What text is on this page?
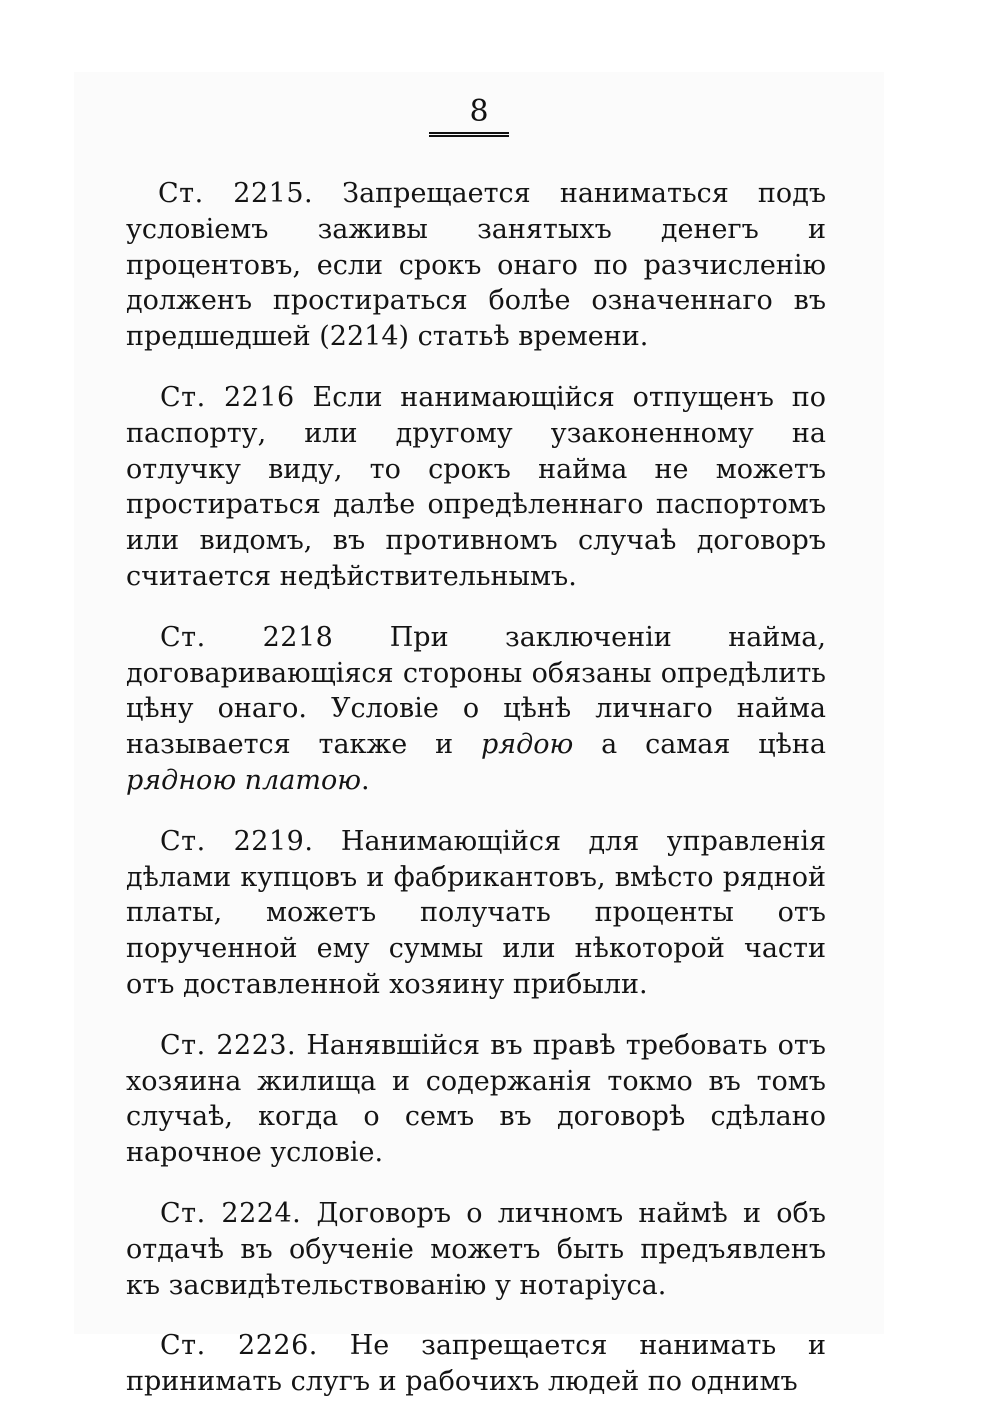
8

Ст. 2215. Запрещается наниматься подъ условіемъ заживы занятыхъ денегъ и процентовъ, если срокъ онаго по разчисленію долженъ простираться болѣе означеннаго въ предшедшей (2214) статьѣ времени.

Ст. 2216 Если нанимающійся отпущенъ по паспорту, или другому узаконенному на отлучку виду, то срокъ найма не можетъ простираться далѣе опредѣленнаго паспортомъ или видомъ, въ противномъ случаѣ договоръ считается недѣйствительнымъ.

Ст. 2218 При заключеніи найма, договаривающіяся стороны обязаны опредѣлить цѣну онаго. Условіе о цѣнѣ личнаго найма называется также и рядою а самая цѣна рядною платою.

Ст. 2219. Нанимающійся для управленія дѣлами купцовъ и фабрикантовъ, вмѣсто рядной платы, можетъ получать проценты отъ порученной ему суммы или нѣкоторой части отъ доставленной хозяину прибыли.

Ст. 2223. Нанявшійся въ правѣ требовать отъ хозяина жилища и содержанія токмо въ томъ случаѣ, когда о семъ въ договорѣ сдѣлано нарочное условіе.

Ст. 2224. Договоръ о личномъ наймѣ и объ отдачѣ въ обученіе можетъ быть предъявленъ къ засвидѣтельствованію у нотаріуса.

Ст. 2226. Не запрещается нанимать и принимать слугъ и рабочихъ людей по однимъ
